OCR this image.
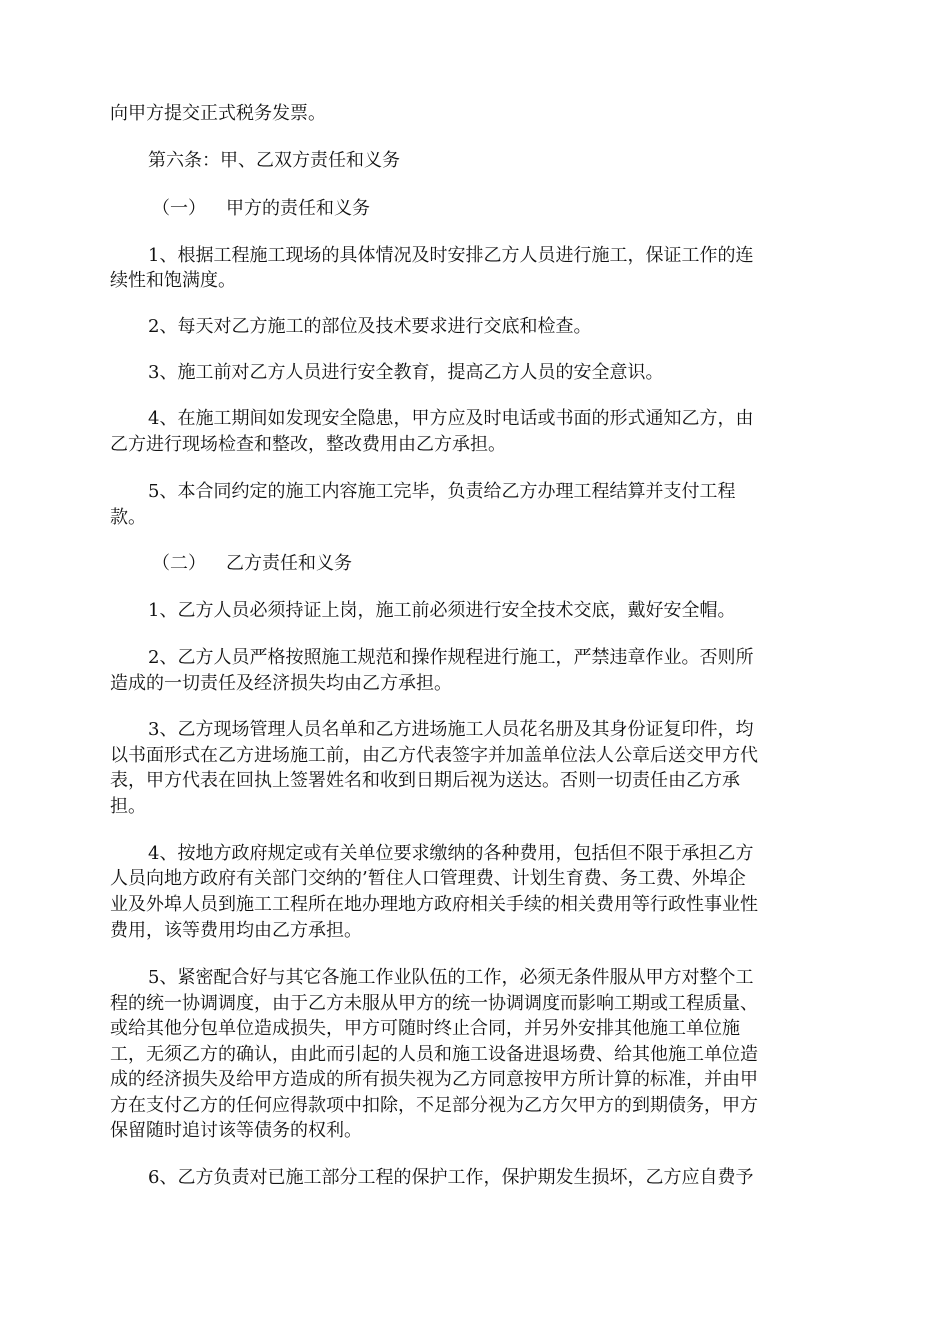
向甲方提交正式税务发票。
第六条：甲、乙双方责任和义务
（一） 甲方的责任和义务
1、根据工程施工现场的具体情况及时安排乙方人员进行施工，保证工作的连
续性和饱满度。
2、每天对乙方施工的部位及技术要求进行交底和检查。
3、施工前对乙方人员进行安全教育，提高乙方人员的安全意识。
4、在施工期间如发现安全隐患，甲方应及时电话或书面的形式通知乙方，由
乙方进行现场检查和整改，整改费用由乙方承担。
5、本合同约定的施工内容施工完毕，负责给乙方办理工程结算并支付工程
款。
（二） 乙方责任和义务
1、乙方人员必须持证上岗，施工前必须进行安全技术交底，戴好安全帽。
2、乙方人员严格按照施工规范和操作规程进行施工，严禁违章作业。否则所
造成的一切责任及经济损失均由乙方承担。
3、乙方现场管理人员名单和乙方进场施工人员花名册及其身份证复印件，均
以书面形式在乙方进场施工前，由乙方代表签字并加盖单位法人公章后送交甲方代
表，甲方代表在回执上签署姓名和收到日期后视为送达。否则一切责任由乙方承
担。
4、按地方政府规定或有关单位要求缴纳的各种费用，包括但不限于承担乙方
人员向地方政府有关部门交纳的’暂住人口管理费、计划生育费、务工费、外埠企
业及外埠人员到施工工程所在地办理地方政府相关手续的相关费用等行政性事业性
费用，该等费用均由乙方承担。
5、紧密配合好与其它各施工作业队伍的工作，必须无条件服从甲方对整个工
程的统一协调调度，由于乙方未服从甲方的统一协调调度而影响工期或工程质量、
或给其他分包单位造成损失，甲方可随时终止合同，并另外安排其他施工单位施
工，无须乙方的确认，由此而引起的人员和施工设备进退场费、给其他施工单位造
成的经济损失及给甲方造成的所有损失视为乙方同意按甲方所计算的标准，并由甲
方在支付乙方的任何应得款项中扣除，不足部分视为乙方欠甲方的到期债务，甲方
保留随时追讨该等债务的权利。
6、乙方负责对已施工部分工程的保护工作，保护期发生损坏，乙方应自费予
